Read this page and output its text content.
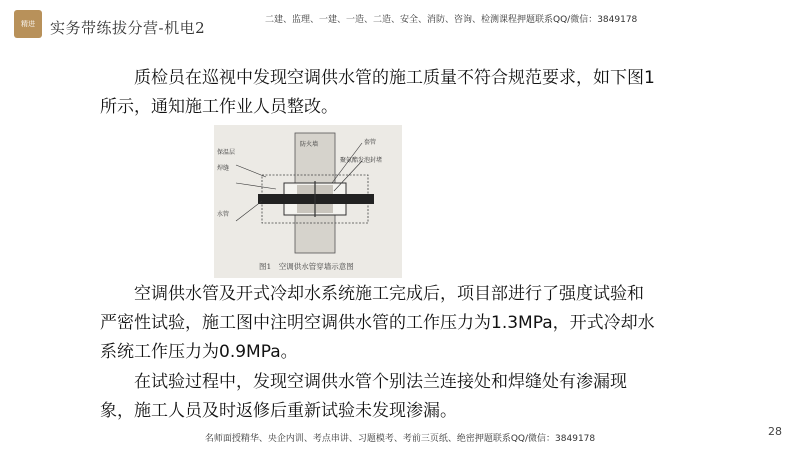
精进	实务带练拔分营-机电2	二建、监理、一建、一造、二造、安全、消防、咨询、检测课程押题联系QQ/微信：3849178
质检员在巡视中发现空调供水管的施工质量不符合规范要求，如下图1所示，通知施工作业人员整改。
保温层
焊缝
水管
防火墙	套管
聚氨酯发泡封堵
图1　空调供水管穿墙示意图
空调供水管及开式冷却水系统施工完成后，项目部进行了强度试验和严密性试验，施工图中注明空调供水管的工作压力为1.3MPa，开式冷却水系统工作压力为0.9MPa。
在试验过程中，发现空调供水管个别法兰连接处和焊缝处有渗漏现象，施工人员及时返修后重新试验未发现渗漏。
名师面授精华、央企内训、考点串讲、习题模考、考前三页纸、绝密押题联系QQ/微信：3849178
28
